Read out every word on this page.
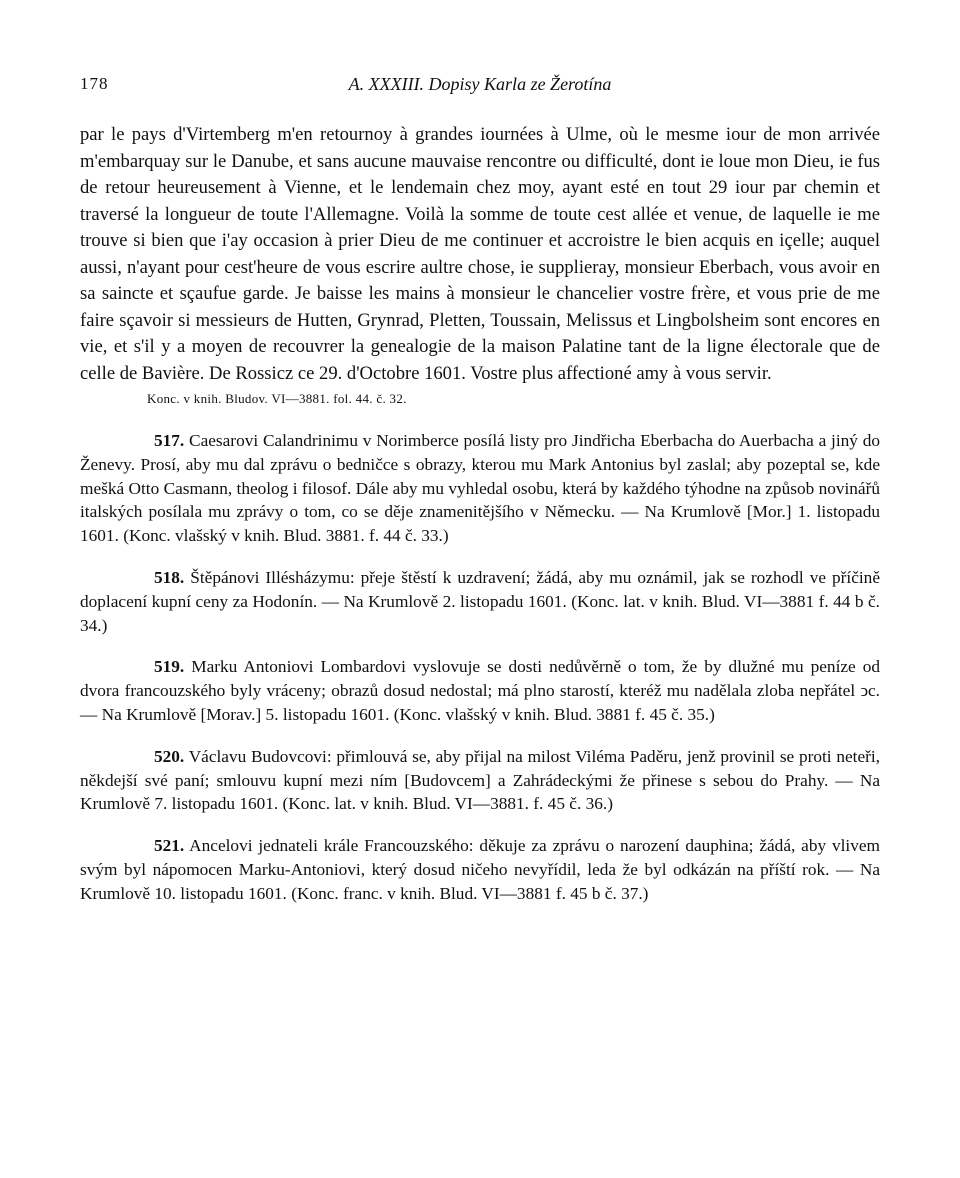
178	A. XXXIII. Dopisy Karla ze Žerotína

par le pays d'Virtemberg m'en retournoy à grandes iournées à Ulme, où le mesme iour de mon arrivée m'embarquay sur le Danube, et sans aucune mauvaise rencontre ou difficulté, dont ie loue mon Dieu, ie fus de retour heureusement à Vienne, et le lendemain chez moy, ayant esté en tout 29 iour par chemin et traversé la longueur de toute l'Allemagne. Voilà la somme de toute cest allée et venue, de laquelle ie me trouve si bien que i'ay occasion à prier Dieu de me continuer et accroistre le bien acquis en içelle; auquel aussi, n'ayant pour cest'heure de vous escrire aultre chose, ie supplieray, monsieur Eberbach, vous avoir en sa saincte et sçaufue garde. Je baisse les mains à monsieur le chancelier vostre frère, et vous prie de me faire sçavoir si messieurs de Hutten, Grynrad, Pletten, Toussain, Melissus et Lingbolsheim sont encores en vie, et s'il y a moyen de recouvrer la genealogie de la maison Palatine tant de la ligne électorale que de celle de Bavière. De Rossicz ce 29. d'Octobre 1601. Vostre plus affectioné amy à vous servir.

Konc. v knih. Bludov. VI—3881. fol. 44. č. 32.

517. Caesarovi Calandrinimu v Norimberce posílá listy pro Jindřicha Eberbacha do Auerbacha a jiný do Ženevy. Prosí, aby mu dal zprávu o bedničce s obrazy, kterou mu Mark Antonius byl zaslal; aby pozeptal se, kde mešká Otto Casmann, theolog i filosof. Dále aby mu vyhledal osobu, která by každého týhodne na způsob novinářů italských posílala mu zprávy o tom, co se děje znamenitějšího v Německu. — Na Krumlově [Mor.] 1. listopadu 1601. (Konc. vlašský v knih. Blud. 3881. f. 44 č. 33.)

518. Štěpánovi Illésházymu: přeje štěstí k uzdravení; žádá, aby mu oznámil, jak se rozhodl ve příčině doplacení kupní ceny za Hodonín. — Na Krumlově 2. listopadu 1601. (Konc. lat. v knih. Blud. VI—3881 f. 44 b č. 34.)

519. Marku Antoniovi Lombardovi vyslovuje se dosti nedůvěrně o tom, že by dlužné mu peníze od dvora francouzského byly vráceny; obrazů dosud nedostal; má plno starostí, kteréž mu nadělala zloba nepřátel ͻc. — Na Krumlově [Morav.] 5. listopadu 1601. (Konc. vlašský v knih. Blud. 3881 f. 45 č. 35.)

520. Václavu Budovcovi: přimlouvá se, aby přijal na milost Viléma Paděru, jenž provinil se proti neteři, někdejší své paní; smlouvu kupní mezi ním [Budovcem] a Zahrádeckými že přinese s sebou do Prahy. — Na Krumlově 7. listopadu 1601. (Konc. lat. v knih. Blud. VI—3881. f. 45 č. 36.)

521. Ancelovi jednateli krále Francouzského: děkuje za zprávu o narození dauphina; žádá, aby vlivem svým byl nápomocen Marku-Antoniovi, který dosud ničeho nevyřídil, leda že byl odkázán na příští rok. — Na Krumlově 10. listopadu 1601. (Konc. franc. v knih. Blud. VI—3881 f. 45 b č. 37.)
